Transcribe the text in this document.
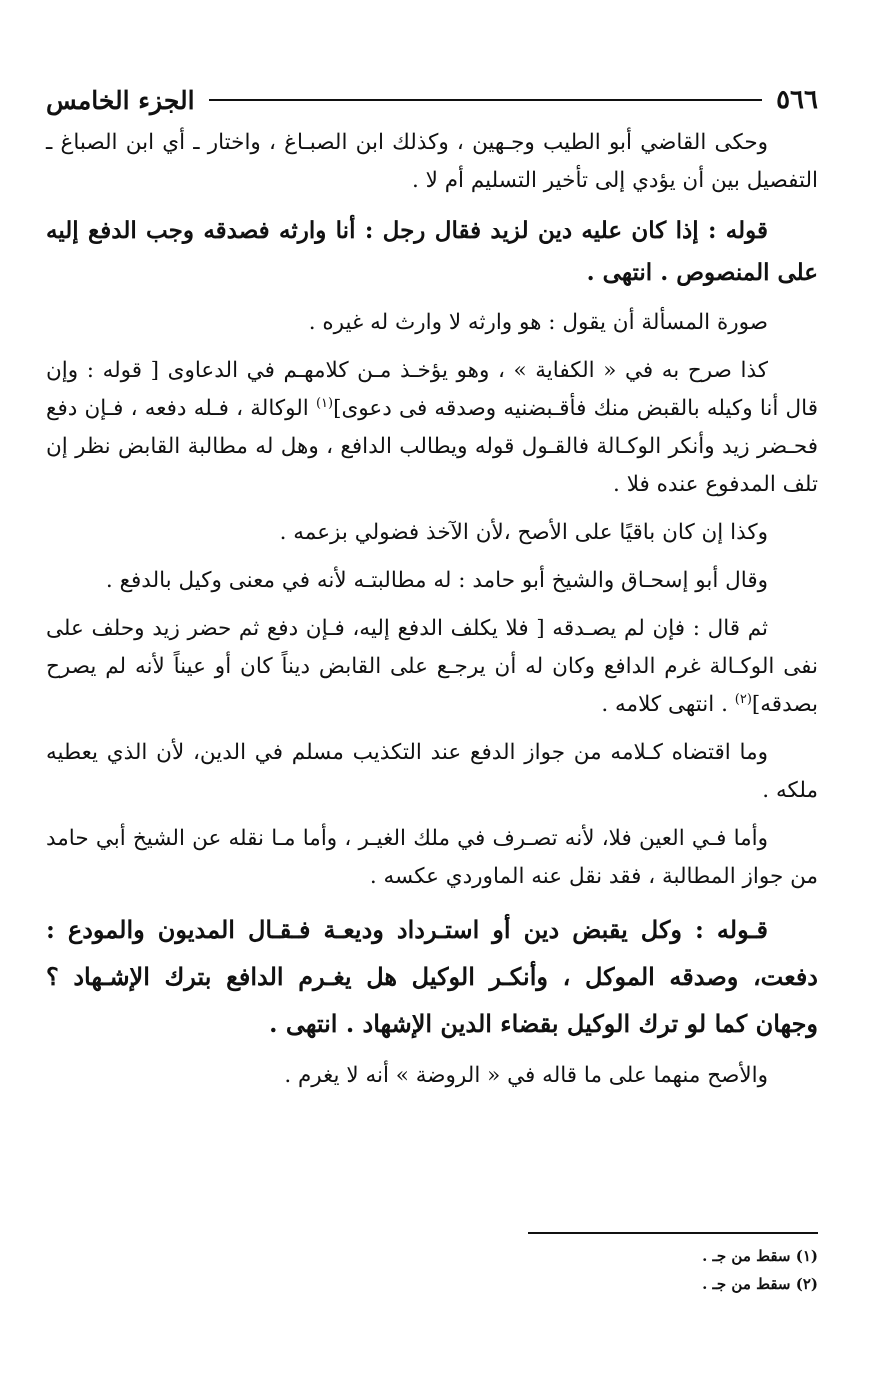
٥٦٦
الجزء الخامس

وحكى القاضي أبو الطيب وجـهين ، وكذلك ابن الصبـاغ ، واختار ـ أي ابن الصباغ ـ التفصيل بين أن يؤدي إلى تأخير التسليم أم لا .

قوله : إذا كان عليه دين لزيد فقال رجل : أنا وارثه فصدقه وجب الدفع إليه على المنصوص . انتهى .

صورة المسألة أن يقول : هو وارثه لا وارث له غيره .

كذا صرح به في « الكفاية » ، وهو يؤخـذ مـن كلامهـم في الدعاوى [ قوله : وإن قال أنا وكيله بالقبض منك فأقـبضنيه وصدقه فى دعوى]$^{(١)}$ الوكالة ، فـله دفعه ، فـإن دفع فحـضر زيد وأنكر الوكـالة فالقـول قوله ويطالب الدافع ، وهل له مطالبة القابض نظر إن تلف المدفوع عنده فلا .

وكذا إن كان باقيًا على الأصح ،لأن الآخذ فضولي بزعمه .

وقال أبو إسحـاق والشيخ أبو حامد : له مطالبتـه لأنه في معنى وكيل بالدفع .

ثم قال : فإن لم يصـدقه [ فلا يكلف الدفع إليه، فـإن دفع ثم حضر زيد وحلف على نفى الوكـالة غرم الدافع وكان له أن يرجـع على القابض ديناً كان أو عيناً لأنه لم يصرح بصدقه]$^{(٢)}$ . انتهى كلامه .

وما اقتضاه كـلامه من جواز الدفع عند التكذيب مسلم في الدين، لأن الذي يعطيه ملكه .

وأما فـي العين فلا، لأنه تصـرف في ملك الغيـر ، وأما مـا نقله عن الشيخ أبي حامد من جواز المطالبة ، فقد نقل عنه الماوردي عكسه .

قـوله : وكل يقبض دين أو استـرداد وديعـة فـقـال المديون والمودع : دفعت، وصدقه الموكل ، وأنكـر الوكيل هل يغـرم الدافع بترك الإشـهاد ؟ وجهان كما لو ترك الوكيل بقضاء الدين الإشهاد . انتهى .

والأصح منهما على ما قاله في « الروضة » أنه لا يغرم .

(١) سقط من جـ .

(٢) سقط من جـ .
